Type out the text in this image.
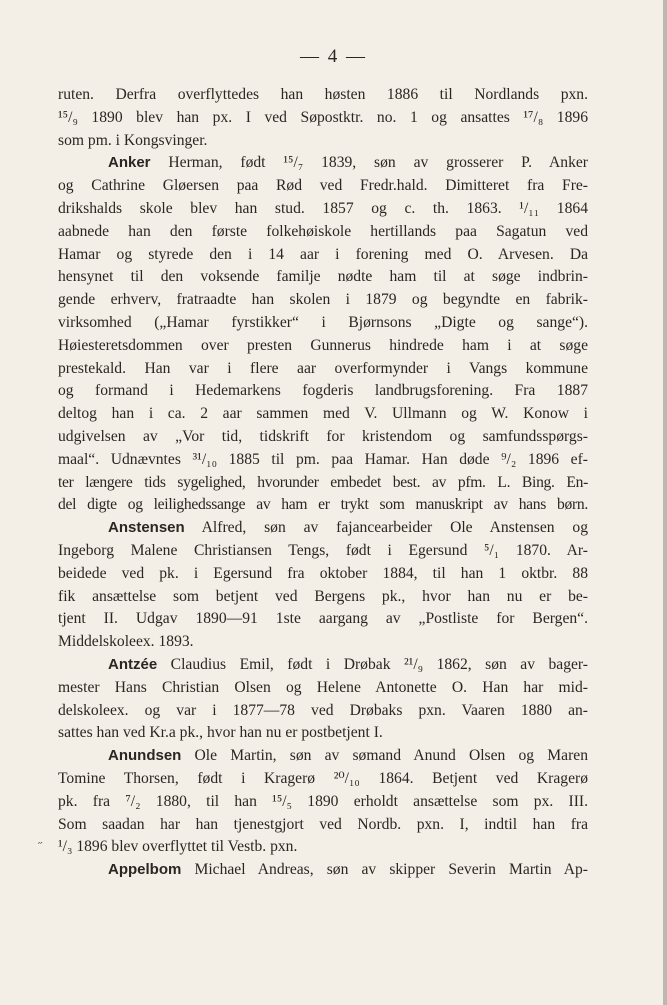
— 4 —
ruten. Derfra overflyttedes han høsten 1886 til Nordlands pxn.
¹⁵/₉ 1890 blev han px. I ved Søpostktr. no. 1 og ansattes ¹⁷/₈ 1896
som pm. i Kongsvinger.
Anker Herman, født ¹⁵/₇ 1839, søn av grosserer P. Anker
og Cathrine Gløersen paa Rød ved Fredr.hald. Dimitteret fra Fre-
drikshalds skole blev han stud. 1857 og c. th. 1863. ¹/₁₁ 1864
aabnede han den første folkehøiskole hertillands paa Sagatun ved
Hamar og styrede den i 14 aar i forening med O. Arvesen. Da
hensynet til den voksende familje nødte ham til at søge indbrin-
gende erhverv, fratraadte han skolen i 1879 og begyndte en fabrik-
virksomhed („Hamar fyrstikker“ i Bjørnsons „Digte og sange“).
Høiesteretsdommen over presten Gunnerus hindrede ham i at søge
prestekald. Han var i flere aar overformynder i Vangs kommune
og formand i Hedemarkens fogderis landbrugsforening. Fra 1887
deltog han i ca. 2 aar sammen med V. Ullmann og W. Konow i
udgivelsen av „Vor tid, tidskrift for kristendom og samfundsspørgs-
maal“. Udnævntes ³¹/₁₀ 1885 til pm. paa Hamar. Han døde ⁹/₂ 1896 ef-
ter længere tids sygelighed, hvorunder embedet best. av pfm. L. Bing. En-
del digte og leilighedssange av ham er trykt som manuskript av hans børn.
Anstensen Alfred, søn av fajancearbeider Ole Anstensen og
Ingeborg Malene Christiansen Tengs, født i Egersund ⁵/₁ 1870. Ar-
beidede ved pk. i Egersund fra oktober 1884, til han 1 oktbr. 88
fik ansættelse som betjent ved Bergens pk., hvor han nu er be-
tjent II. Udgav 1890—91 1ste aargang av „Postliste for Bergen“.
Middelskoleex. 1893.
Antzée Claudius Emil, født i Drøbak ²¹/₉ 1862, søn av bager-
mester Hans Christian Olsen og Helene Antonette O. Han har mid-
delskoleex. og var i 1877—78 ved Drøbaks pxn. Vaaren 1880 an-
sattes han ved Kr.a pk., hvor han nu er postbetjent I.
Anundsen Ole Martin, søn av sømand Anund Olsen og Maren
Tomine Thorsen, født i Kragerø ²⁰/₁₀ 1864. Betjent ved Kragerø
pk. fra ⁷/₂ 1880, til han ¹⁵/₅ 1890 erholdt ansættelse som px. III.
Som saadan har han tjenestgjort ved Nordb. pxn. I, indtil han fra
˝ ¹/₃ 1896 blev overflyttet til Vestb. pxn.
Appelbom Michael Andreas, søn av skipper Severin Martin Ap-
